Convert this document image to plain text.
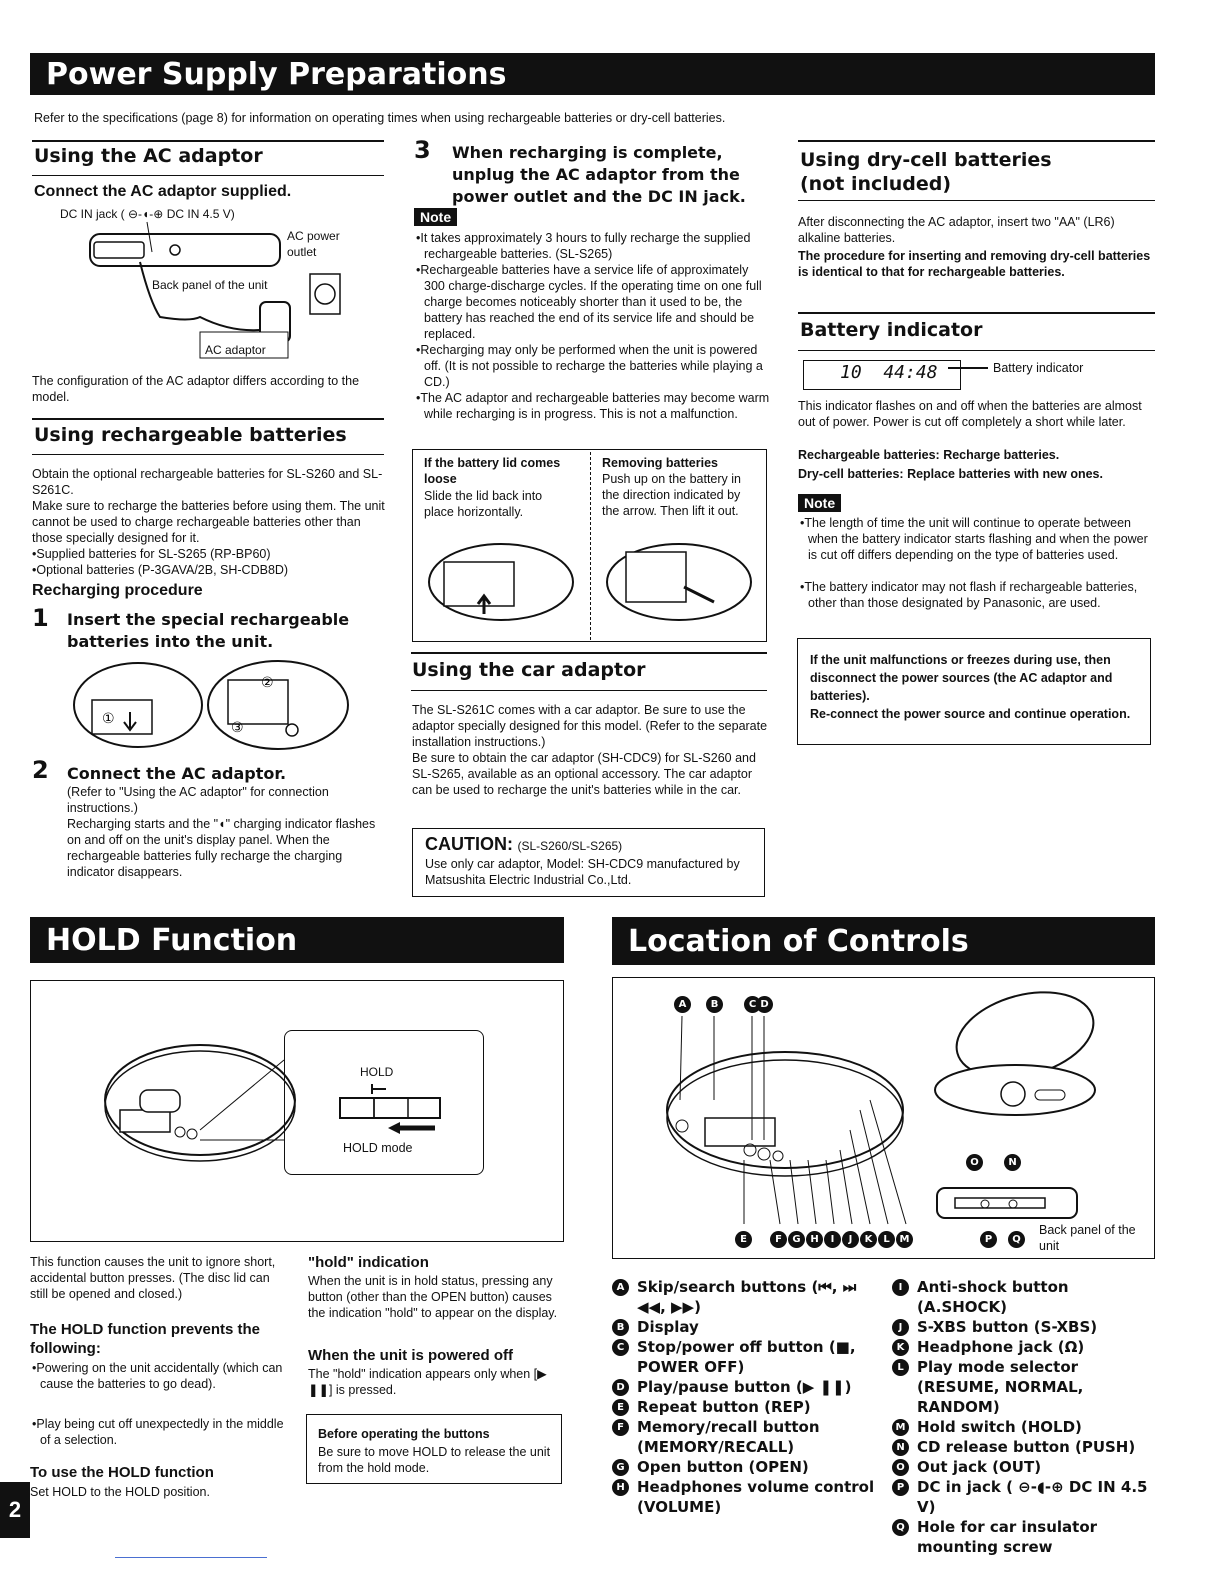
Power Supply Preparations
Refer to the specifications (page 8) for information on operating times when using rechargeable batteries or dry-cell batteries.
Using the AC adaptor
Connect the AC adaptor supplied.
DC IN jack ( ⊖-◖-⊕ DC IN 4.5 V)
AC power outlet
Back panel of the unit
AC adaptor
The configuration of the AC adaptor differs according to the model.
Using rechargeable batteries
Obtain the optional rechargeable batteries for SL-S260 and SL-S261C.
Make sure to recharge the batteries before using them. The unit cannot be used to charge rechargeable batteries other than those specially designed for it.
•Supplied batteries for SL-S265 (RP-BP60)
•Optional batteries (P-3GAVA/2B, SH-CDB8D)
Recharging procedure
1 Insert the special rechargeable batteries into the unit.
①
②
③
2 Connect the AC adaptor.
(Refer to "Using the AC adaptor" for connection instructions.)
Recharging starts and the "◖" charging indicator flashes on and off on the unit's display panel. When the rechargeable batteries fully recharge the charging indicator disappears.
3 When recharging is complete, unplug the AC adaptor from the power outlet and the DC IN jack.
Note
•It takes approximately 3 hours to fully recharge the supplied rechargeable batteries. (SL-S265)
•Rechargeable batteries have a service life of approximately 300 charge-discharge cycles. If the operating time on one full charge becomes noticeably shorter than it used to be, the battery has reached the end of its service life and should be replaced.
•Recharging may only be performed when the unit is powered off. (It is not possible to recharge the batteries while playing a CD.)
•The AC adaptor and rechargeable batteries may become warm while recharging is in progress. This is not a malfunction.
If the battery lid comes loose
Slide the lid back into place horizontally.
Removing batteries
Push up on the battery in the direction indicated by the arrow. Then lift it out.
Using the car adaptor
The SL-S261C comes with a car adaptor. Be sure to use the adaptor specially designed for this model. (Refer to the separate installation instructions.)
Be sure to obtain the car adaptor (SH-CDC9) for SL-S260 and SL-S265, available as an optional accessory. The car adaptor can be used to recharge the unit's batteries while in the car.
CAUTION: (SL-S260/SL-S265)
Use only car adaptor, Model: SH-CDC9 manufactured by Matsushita Electric Industrial Co.,Ltd.
Using dry-cell batteries (not included)
After disconnecting the AC adaptor, insert two "AA" (LR6) alkaline batteries.
The procedure for inserting and removing dry-cell batteries is identical to that for rechargeable batteries.
Battery indicator
10  44:48	Battery indicator
This indicator flashes on and off when the batteries are almost out of power. Power is cut off completely a short while later.
Rechargeable batteries: Recharge batteries.
Dry-cell batteries: Replace batteries with new ones.
Note
•The length of time the unit will continue to operate between when the battery indicator starts flashing and when the power is cut off differs depending on the type of batteries used.
•The battery indicator may not flash if rechargeable batteries, other than those designated by Panasonic, are used.
If the unit malfunctions or freezes during use, then disconnect the power sources (the AC adaptor and batteries).
Re-connect the power source and continue operation.
HOLD Function
HOLD
HOLD mode
This function causes the unit to ignore short, accidental button presses. (The disc lid can still be opened and closed.)
The HOLD function prevents the following:
•Powering on the unit accidentally (which can cause the batteries to go dead).
•Play being cut off unexpectedly in the middle of a selection.
To use the HOLD function
Set HOLD to the HOLD position.
"hold" indication
When the unit is in hold status, pressing any button (other than the OPEN button) causes the indication "hold" to appear on the display.
When the unit is powered off
The "hold" indication appears only when [▶ ❚❚] is pressed.
Before operating the buttons
Be sure to move HOLD to release the unit from the hold mode.
Location of Controls
Back panel of the unit
A	B	C D
E	F	G H	I	J	K	L M
O	N
P	Q
A Skip/search buttons (⏮, ⏭ ◀◀, ▶▶)
B Display
C Stop/power off button (■, POWER OFF)
D Play/pause button (▶ ❚❚)
E Repeat button (REP)
F Memory/recall button (MEMORY/RECALL)
G Open button (OPEN)
H Headphones volume control (VOLUME)
I Anti-shock button (A.SHOCK)
J S-XBS button (S-XBS)
K Headphone jack (Ω)
L Play mode selector (RESUME, NORMAL, RANDOM)
M Hold switch (HOLD)
N CD release button (PUSH)
O Out jack (OUT)
P DC in jack ( ⊖-◖-⊕ DC IN 4.5 V)
Q Hole for car insulator mounting screw
2
